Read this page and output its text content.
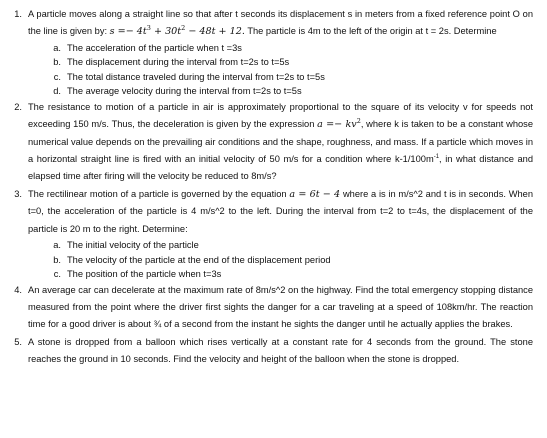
1. A particle moves along a straight line so that after t seconds its displacement s in meters from a fixed reference point O on the line is given by: $s =- 4t^3 + 30t^2 - 48t + 12$. The particle is 4m to the left of the origin at t = 2s. Determine

a. The acceleration of the particle when t =3s
b. The displacement during the interval from t=2s to t=5s
c. The total distance traveled during the interval from t=2s to t=5s
d. The average velocity during the interval from t=2s to t=5s
2. The resistance to motion of a particle in air is approximately proportional to the square of its velocity v for speeds not exceeding 150 m/s. Thus, the deceleration is given by the expression $a =- kv^2$, where k is taken to be a constant whose numerical value depends on the prevailing air conditions and the shape, roughness, and mass. If a particle which moves in a horizontal straight line is fired with an initial velocity of 50 m/s for a condition where $k-1/100m^{-1}$, in what distance and elapsed time after firing will the velocity be reduced to 8m/s?

3. The rectilinear motion of a particle is governed by the equation a = 6t − 4 where a is in m/s^2 and t is in seconds. When t=0, the acceleration of the particle is 4 m/s^2 to the left. During the interval from t=2 to t=4s, the displacement of the particle is 20 m to the right. Determine:

a. The initial velocity of the particle
b. The velocity of the particle at the end of the displacement period
c. The position of the particle when t=3s
4. An average car can decelerate at the maximum rate of 8m/s^2 on the highway. Find the total emergency stopping distance measured from the point where the driver first sights the danger for a car traveling at a speed of 108km/hr. The reaction time for a good driver is about ¾ of a second from the instant he sights the danger until he actually applies the brakes.

5. A stone is dropped from a balloon which rises vertically at a constant rate for 4 seconds from the ground. The stone reaches the ground in 10 seconds. Find the velocity and height of the balloon when the stone is dropped.
